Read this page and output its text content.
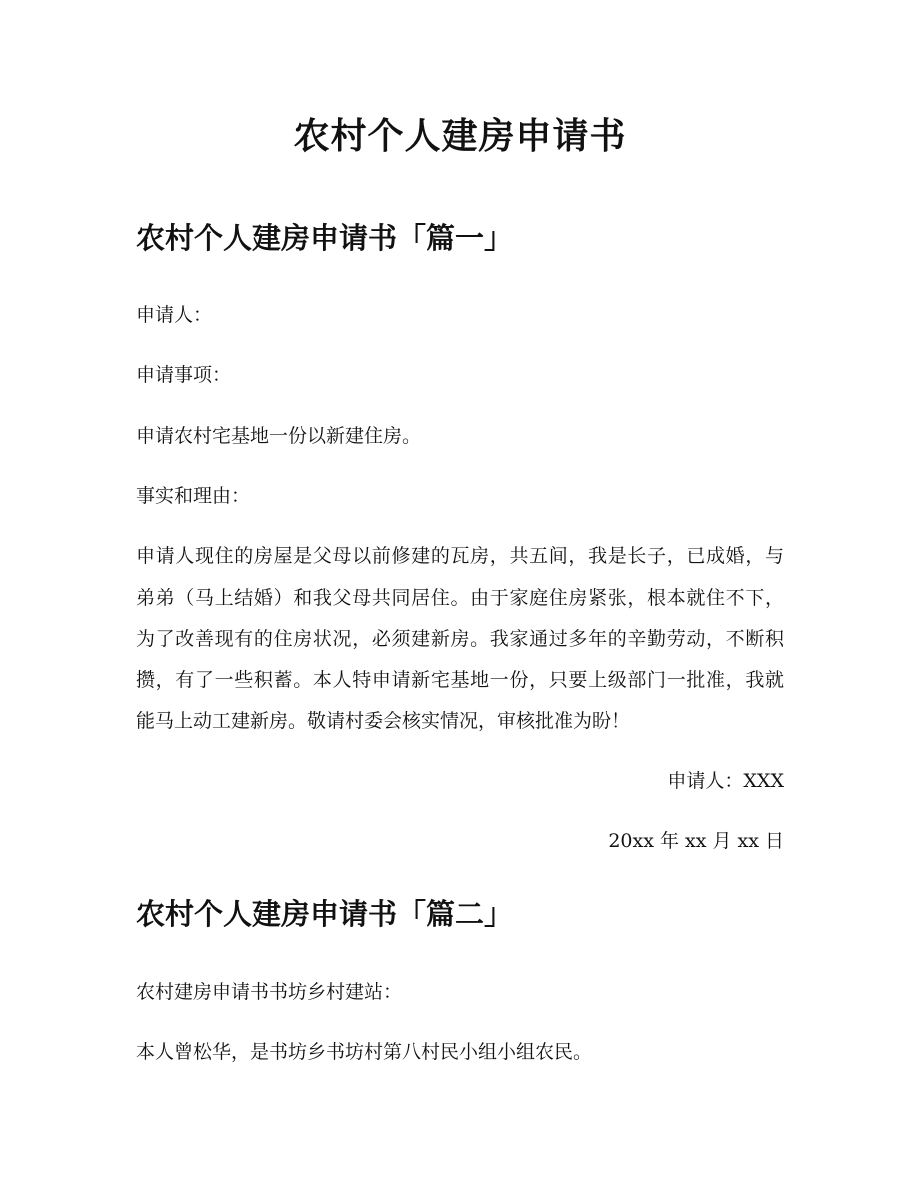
农村个人建房申请书
农村个人建房申请书「篇一」

申请人：

申请事项：

申请农村宅基地一份以新建住房。

事实和理由：

申请人现住的房屋是父母以前修建的瓦房，共五间，我是长子，已成婚，与

弟弟（马上结婚）和我父母共同居住。由于家庭住房紧张，根本就住不下，

为了改善现有的住房状况，必须建新房。我家通过多年的辛勤劳动，不断积

攒，有了一些积蓄。本人特申请新宅基地一份，只要上级部门一批准，我就

能马上动工建新房。敬请村委会核实情况，审核批准为盼！

申请人：XXX

20xx 年 xx 月 xx 日

农村个人建房申请书「篇二」

农村建房申请书书坊乡村建站：

本人曾松华，是书坊乡书坊村第八村民小组小组农民。
